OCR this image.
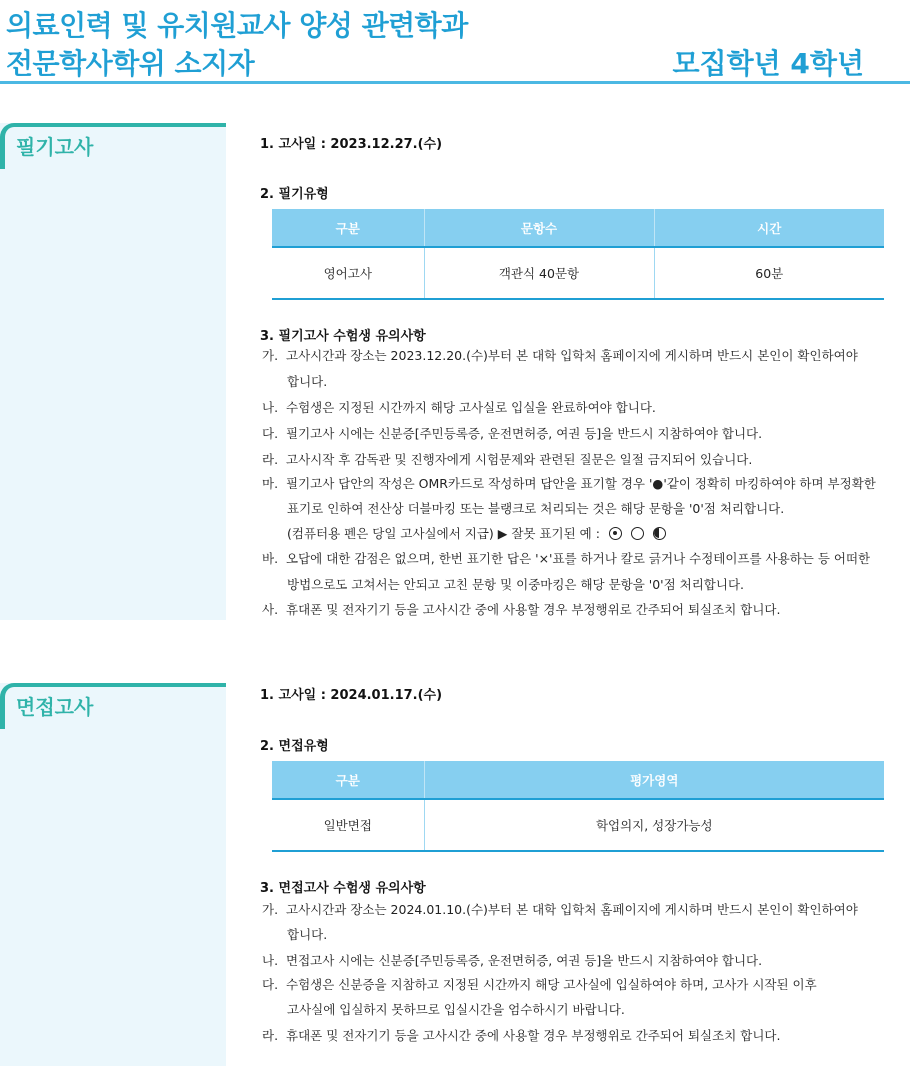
의료인력 및 유치원교사 양성 관련학과
전문학사학위 소지자	모집학년 4학년
필기고사	1. 고사일 : 2023.12.27.(수)
2. 필기유형
구분	문항수	시간
영어고사	객관식 40문항	60분
3. 필기고사 수험생 유의사항
가. 고사시간과 장소는 2023.12.20.(수)부터 본 대학 입학처 홈페이지에 게시하며 반드시 본인이 확인하여야
합니다.
나. 수험생은 지정된 시간까지 해당 고사실로 입실을 완료하여야 합니다.
다. 필기고사 시에는 신분증[주민등록증, 운전면허증, 여권 등]을 반드시 지참하여야 합니다.
라. 고사시작 후 감독관 및 진행자에게 시험문제와 관련된 질문은 일절 금지되어 있습니다.
마. 필기고사 답안의 작성은 OMR카드로 작성하며 답안을 표기할 경우 '●'같이 정확히 마킹하여야 하며 부정확한
표기로 인하여 전산상 더블마킹 또는 블랭크로 처리되는 것은 해당 문항을 '0'점 처리합니다.
(컴퓨터용 펜은 당일 고사실에서 지급) ▶ 잘못 표기된 예 :
바. 오답에 대한 감점은 없으며, 한번 표기한 답은 '×'표를 하거나 칼로 긁거나 수정테이프를 사용하는 등 어떠한
방법으로도 고쳐서는 안되고 고친 문항 및 이중마킹은 해당 문항을 '0'점 처리합니다.
사. 휴대폰 및 전자기기 등을 고사시간 중에 사용할 경우 부정행위로 간주되어 퇴실조치 합니다.
면접고사	1. 고사일 : 2024.01.17.(수)
2. 면접유형
구분	평가영역
일반면접	학업의지, 성장가능성
3. 면접고사 수험생 유의사항
가. 고사시간과 장소는 2024.01.10.(수)부터 본 대학 입학처 홈페이지에 게시하며 반드시 본인이 확인하여야
합니다.
나. 면접고사 시에는 신분증[주민등록증, 운전면허증, 여권 등]을 반드시 지참하여야 합니다.
다. 수험생은 신분증을 지참하고 지정된 시간까지 해당 고사실에 입실하여야 하며, 고사가 시작된 이후
고사실에 입실하지 못하므로 입실시간을 엄수하시기 바랍니다.
라. 휴대폰 및 전자기기 등을 고사시간 중에 사용할 경우 부정행위로 간주되어 퇴실조치 합니다.
